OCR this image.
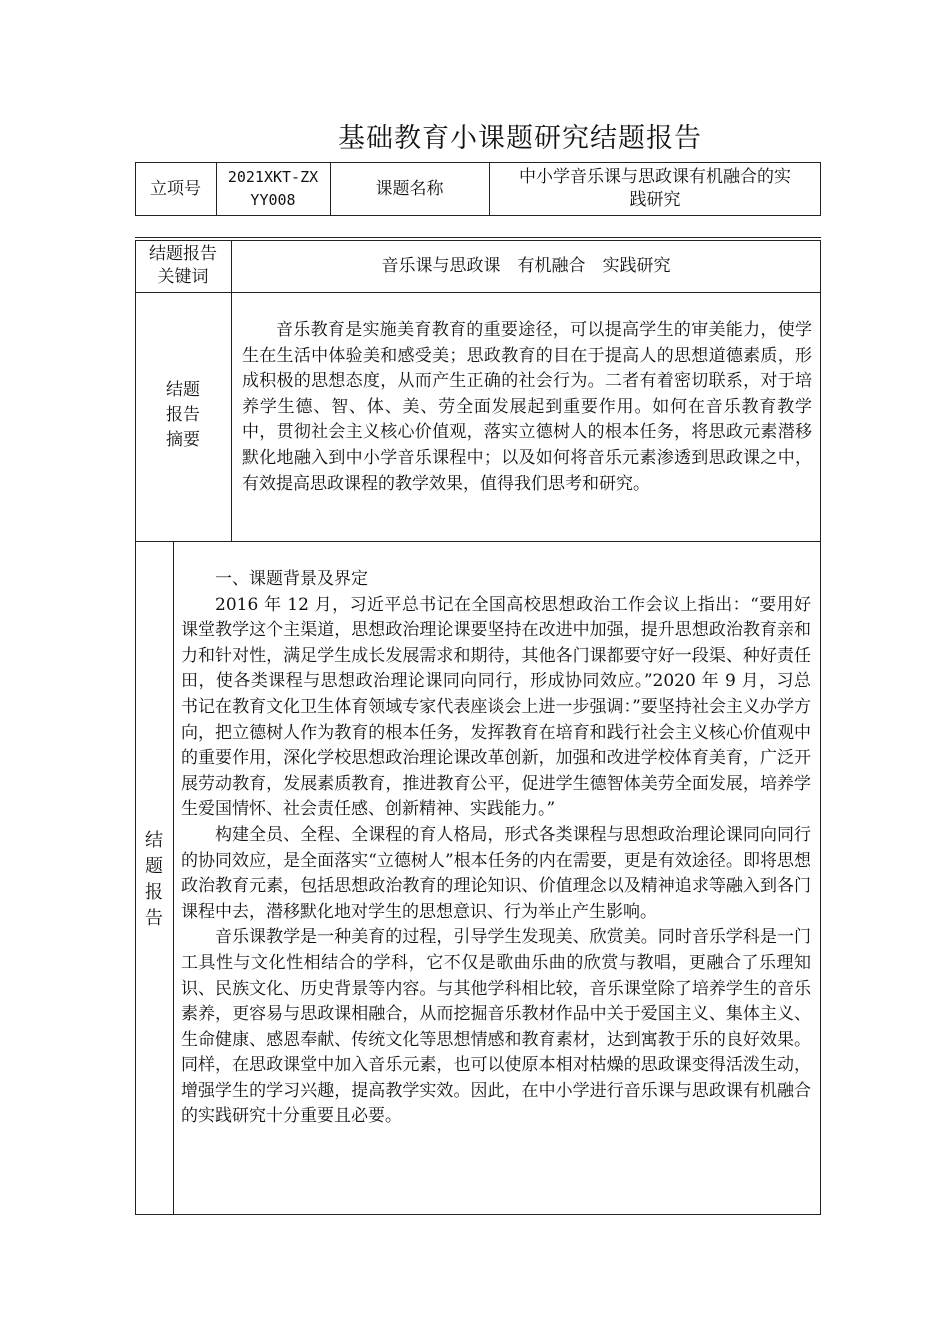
基础教育小课题研究结题报告
立项号
2021XKT-ZX
YY008
课题名称
中小学音乐课与思政课有机融合的实
践研究
结题报告
关键词
音乐课与思政课　有机融合　实践研究
结题
报告
摘要

音乐教育是实施美育教育的重要途径，可以提高学生的审美能力，使学生在生活中体验美和感受美；思政教育的目在于提高人的思想道德素质，形成积极的思想态度，从而产生正确的社会行为。二者有着密切联系，对于培养学生德、智、体、美、劳全面发展起到重要作用。如何在音乐教育教学中，贯彻社会主义核心价值观，落实立德树人的根本任务，将思政元素潜移默化地融入到中小学音乐课程中；以及如何将音乐元素渗透到思政课之中，有效提高思政课程的教学效果，值得我们思考和研究。

结
题
报
告

一、课题背景及界定

2016 年 12 月，习近平总书记在全国高校思想政治工作会议上指出：“要用好课堂教学这个主渠道，思想政治理论课要坚持在改进中加强，提升思想政治教育亲和力和针对性，满足学生成长发展需求和期待，其他各门课都要守好一段渠、种好责任田，使各类课程与思想政治理论课同向同行，形成协同效应。”2020 年 9 月，习总书记在教育文化卫生体育领域专家代表座谈会上进一步强调：”要坚持社会主义办学方向，把立德树人作为教育的根本任务，发挥教育在培育和践行社会主义核心价值观中的重要作用，深化学校思想政治理论课改革创新，加强和改进学校体育美育，广泛开展劳动教育，发展素质教育，推进教育公平，促进学生德智体美劳全面发展，培养学生爱国情怀、社会责任感、创新精神、实践能力。”

构建全员、全程、全课程的育人格局，形式各类课程与思想政治理论课同向同行的协同效应，是全面落实“立德树人”根本任务的内在需要，更是有效途径。即将思想政治教育元素，包括思想政治教育的理论知识、价值理念以及精神追求等融入到各门课程中去，潜移默化地对学生的思想意识、行为举止产生影响。

音乐课教学是一种美育的过程，引导学生发现美、欣赏美。同时音乐学科是一门工具性与文化性相结合的学科，它不仅是歌曲乐曲的欣赏与教唱，更融合了乐理知识、民族文化、历史背景等内容。与其他学科相比较，音乐课堂除了培养学生的音乐素养，更容易与思政课相融合，从而挖掘音乐教材作品中关于爱国主义、集体主义、生命健康、感恩奉献、传统文化等思想情感和教育素材，达到寓教于乐的良好效果。同样，在思政课堂中加入音乐元素，也可以使原本相对枯燥的思政课变得活泼生动，增强学生的学习兴趣，提高教学实效。因此，在中小学进行音乐课与思政课有机融合的实践研究十分重要且必要。
